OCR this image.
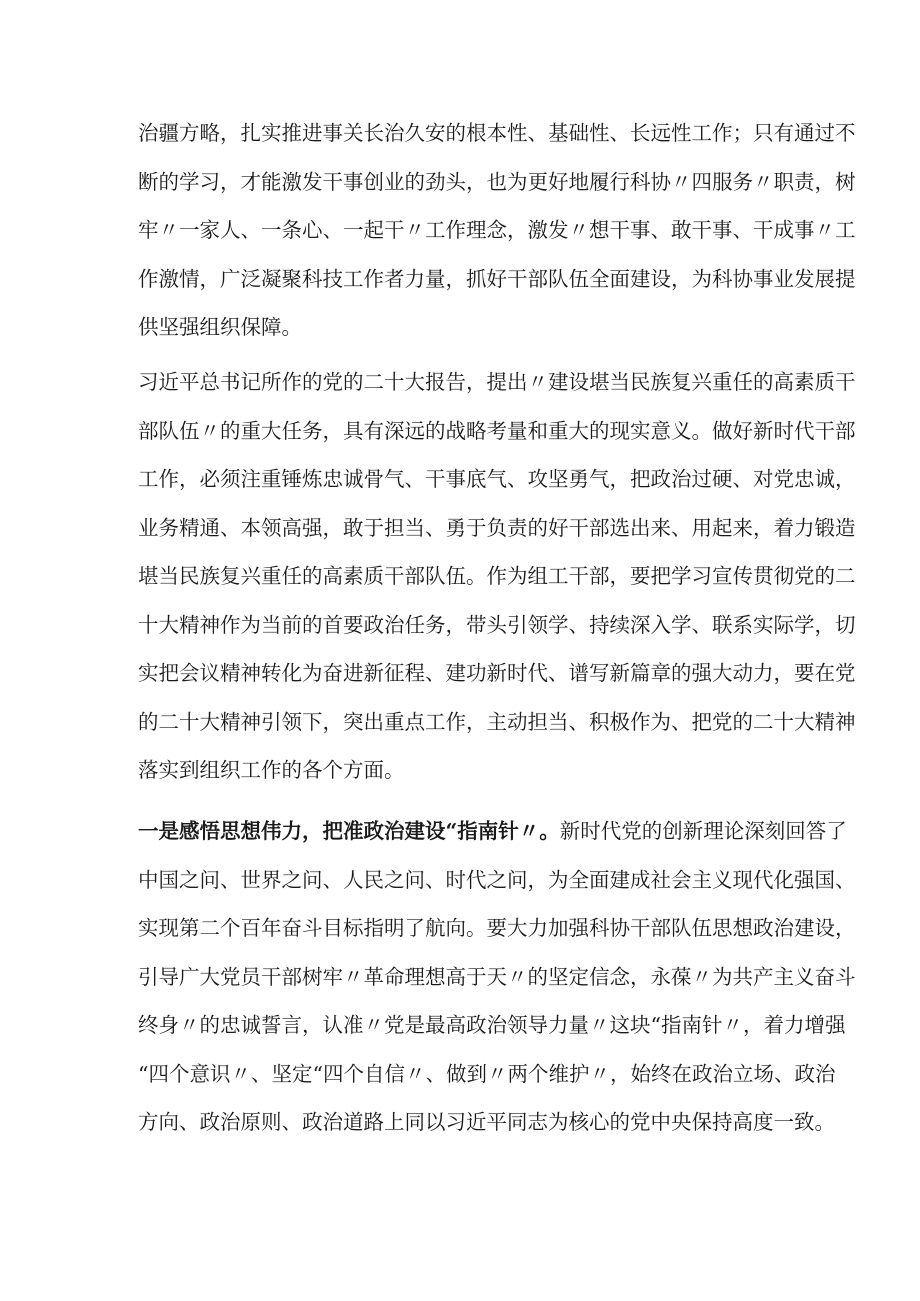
治疆方略，扎实推进事关长治久安的根本性、基础性、长远性工作；只有通过不
断的学习，才能激发干事创业的劲头，也为更好地履行科协〃四服务〃职责，树
牢〃一家人、一条心、一起干〃工作理念，激发〃想干事、敢干事、干成事〃工
作激情，广泛凝聚科技工作者力量，抓好干部队伍全面建设，为科协事业发展提
供坚强组织保障。
习近平总书记所作的党的二十大报告，提出〃建设堪当民族复兴重任的高素质干
部队伍〃的重大任务，具有深远的战略考量和重大的现实意义。做好新时代干部
工作，必须注重锤炼忠诚骨气、干事底气、攻坚勇气，把政治过硬、对党忠诚，
业务精通、本领高强，敢于担当、勇于负责的好干部选出来、用起来，着力锻造
堪当民族复兴重任的高素质干部队伍。作为组工干部，要把学习宣传贯彻党的二
十大精神作为当前的首要政治任务，带头引领学、持续深入学、联系实际学，切
实把会议精神转化为奋进新征程、建功新时代、谱写新篇章的强大动力，要在党
的二十大精神引领下，突出重点工作，主动担当、积极作为、把党的二十大精神
落实到组织工作的各个方面。
一是感悟思想伟力，把准政治建设“指南针〃。新时代党的创新理论深刻回答了
中国之问、世界之问、人民之问、时代之问，为全面建成社会主义现代化强国、
实现第二个百年奋斗目标指明了航向。要大力加强科协干部队伍思想政治建设，
引导广大党员干部树牢〃革命理想高于天〃的坚定信念，永葆〃为共产主义奋斗
终身〃的忠诚誓言，认准〃党是最高政治领导力量〃这块“指南针〃，着力增强
“四个意识〃、坚定“四个自信〃、做到〃两个维护〃，始终在政治立场、政治
方向、政治原则、政治道路上同以习近平同志为核心的党中央保持高度一致。
